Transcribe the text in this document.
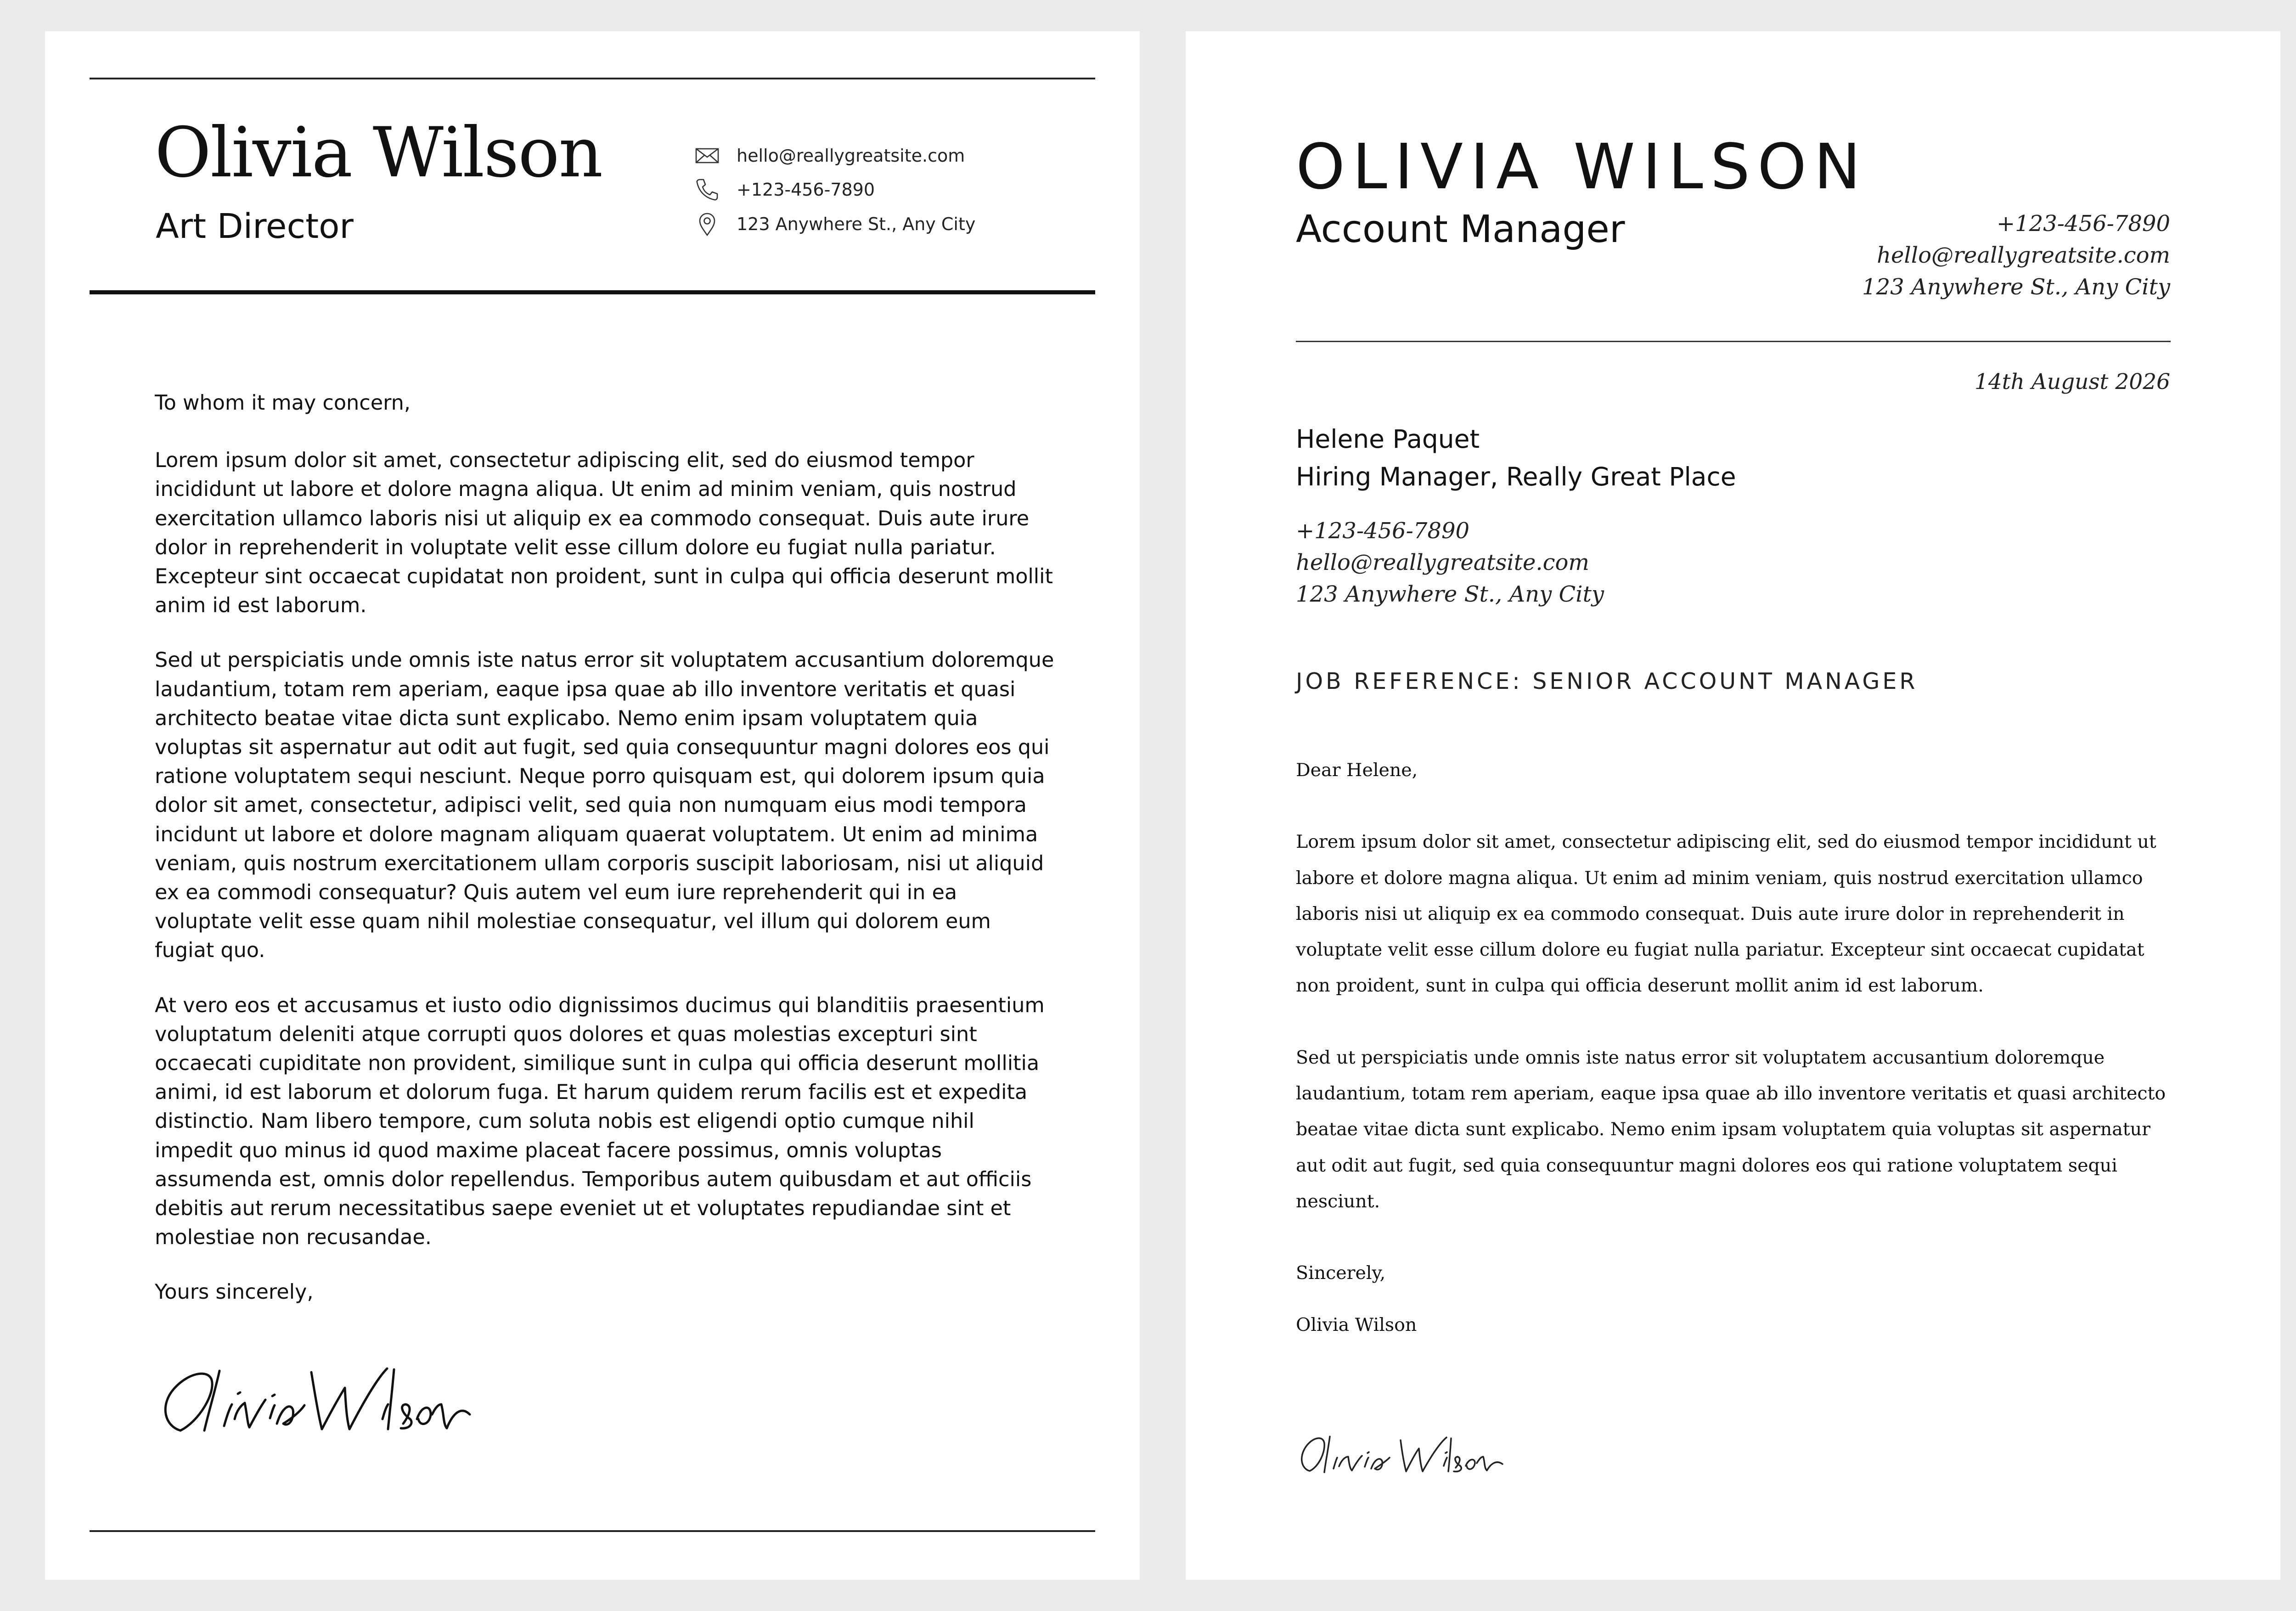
Olivia Wilson
Art Director
hello@reallygreatsite.com
+123-456-7890
123 Anywhere St., Any City

To whom it may concern,

Lorem ipsum dolor sit amet, consectetur adipiscing elit, sed do eiusmod tempor incididunt ut labore et dolore magna aliqua. Ut enim ad minim veniam, quis nostrud exercitation ullamco laboris nisi ut aliquip ex ea commodo consequat. Duis aute irure dolor in reprehenderit in voluptate velit esse cillum dolore eu fugiat nulla pariatur. Excepteur sint occaecat cupidatat non proident, sunt in culpa qui officia deserunt mollit anim id est laborum.

Sed ut perspiciatis unde omnis iste natus error sit voluptatem accusantium doloremque laudantium, totam rem aperiam, eaque ipsa quae ab illo inventore veritatis et quasi architecto beatae vitae dicta sunt explicabo. Nemo enim ipsam voluptatem quia voluptas sit aspernatur aut odit aut fugit, sed quia consequuntur magni dolores eos qui ratione voluptatem sequi nesciunt. Neque porro quisquam est, qui dolorem ipsum quia dolor sit amet, consectetur, adipisci velit, sed quia non numquam eius modi tempora incidunt ut labore et dolore magnam aliquam quaerat voluptatem. Ut enim ad minima veniam, quis nostrum exercitationem ullam corporis suscipit laboriosam, nisi ut aliquid ex ea commodi consequatur? Quis autem vel eum iure reprehenderit qui in ea voluptate velit esse quam nihil molestiae consequatur, vel illum qui dolorem eum fugiat quo.

At vero eos et accusamus et iusto odio dignissimos ducimus qui blanditiis praesentium voluptatum deleniti atque corrupti quos dolores et quas molestias excepturi sint occaecati cupiditate non provident, similique sunt in culpa qui officia deserunt mollitia animi, id est laborum et dolorum fuga. Et harum quidem rerum facilis est et expedita distinctio. Nam libero tempore, cum soluta nobis est eligendi optio cumque nihil impedit quo minus id quod maxime placeat facere possimus, omnis voluptas assumenda est, omnis dolor repellendus. Temporibus autem quibusdam et aut officiis debitis aut rerum necessitatibus saepe eveniet ut et voluptates repudiandae sint et molestiae non recusandae.

Yours sincerely,

OLIVIA WILSON
Account Manager	+123-456-7890
hello@reallygreatsite.com
123 Anywhere St., Any City
14th August 2026
Helene Paquet
Hiring Manager, Really Great Place
+123-456-7890
hello@reallygreatsite.com
123 Anywhere St., Any City
JOB REFERENCE: SENIOR ACCOUNT MANAGER

Dear Helene,

Lorem ipsum dolor sit amet, consectetur adipiscing elit, sed do eiusmod tempor incididunt ut labore et dolore magna aliqua. Ut enim ad minim veniam, quis nostrud exercitation ullamco laboris nisi ut aliquip ex ea commodo consequat. Duis aute irure dolor in reprehenderit in voluptate velit esse cillum dolore eu fugiat nulla pariatur. Excepteur sint occaecat cupidatat non proident, sunt in culpa qui officia deserunt mollit anim id est laborum.

Sed ut perspiciatis unde omnis iste natus error sit voluptatem accusantium doloremque laudantium, totam rem aperiam, eaque ipsa quae ab illo inventore veritatis et quasi architecto beatae vitae dicta sunt explicabo. Nemo enim ipsam voluptatem quia voluptas sit aspernatur aut odit aut fugit, sed quia consequuntur magni dolores eos qui ratione voluptatem sequi nesciunt.

Sincerely,

Olivia Wilson
